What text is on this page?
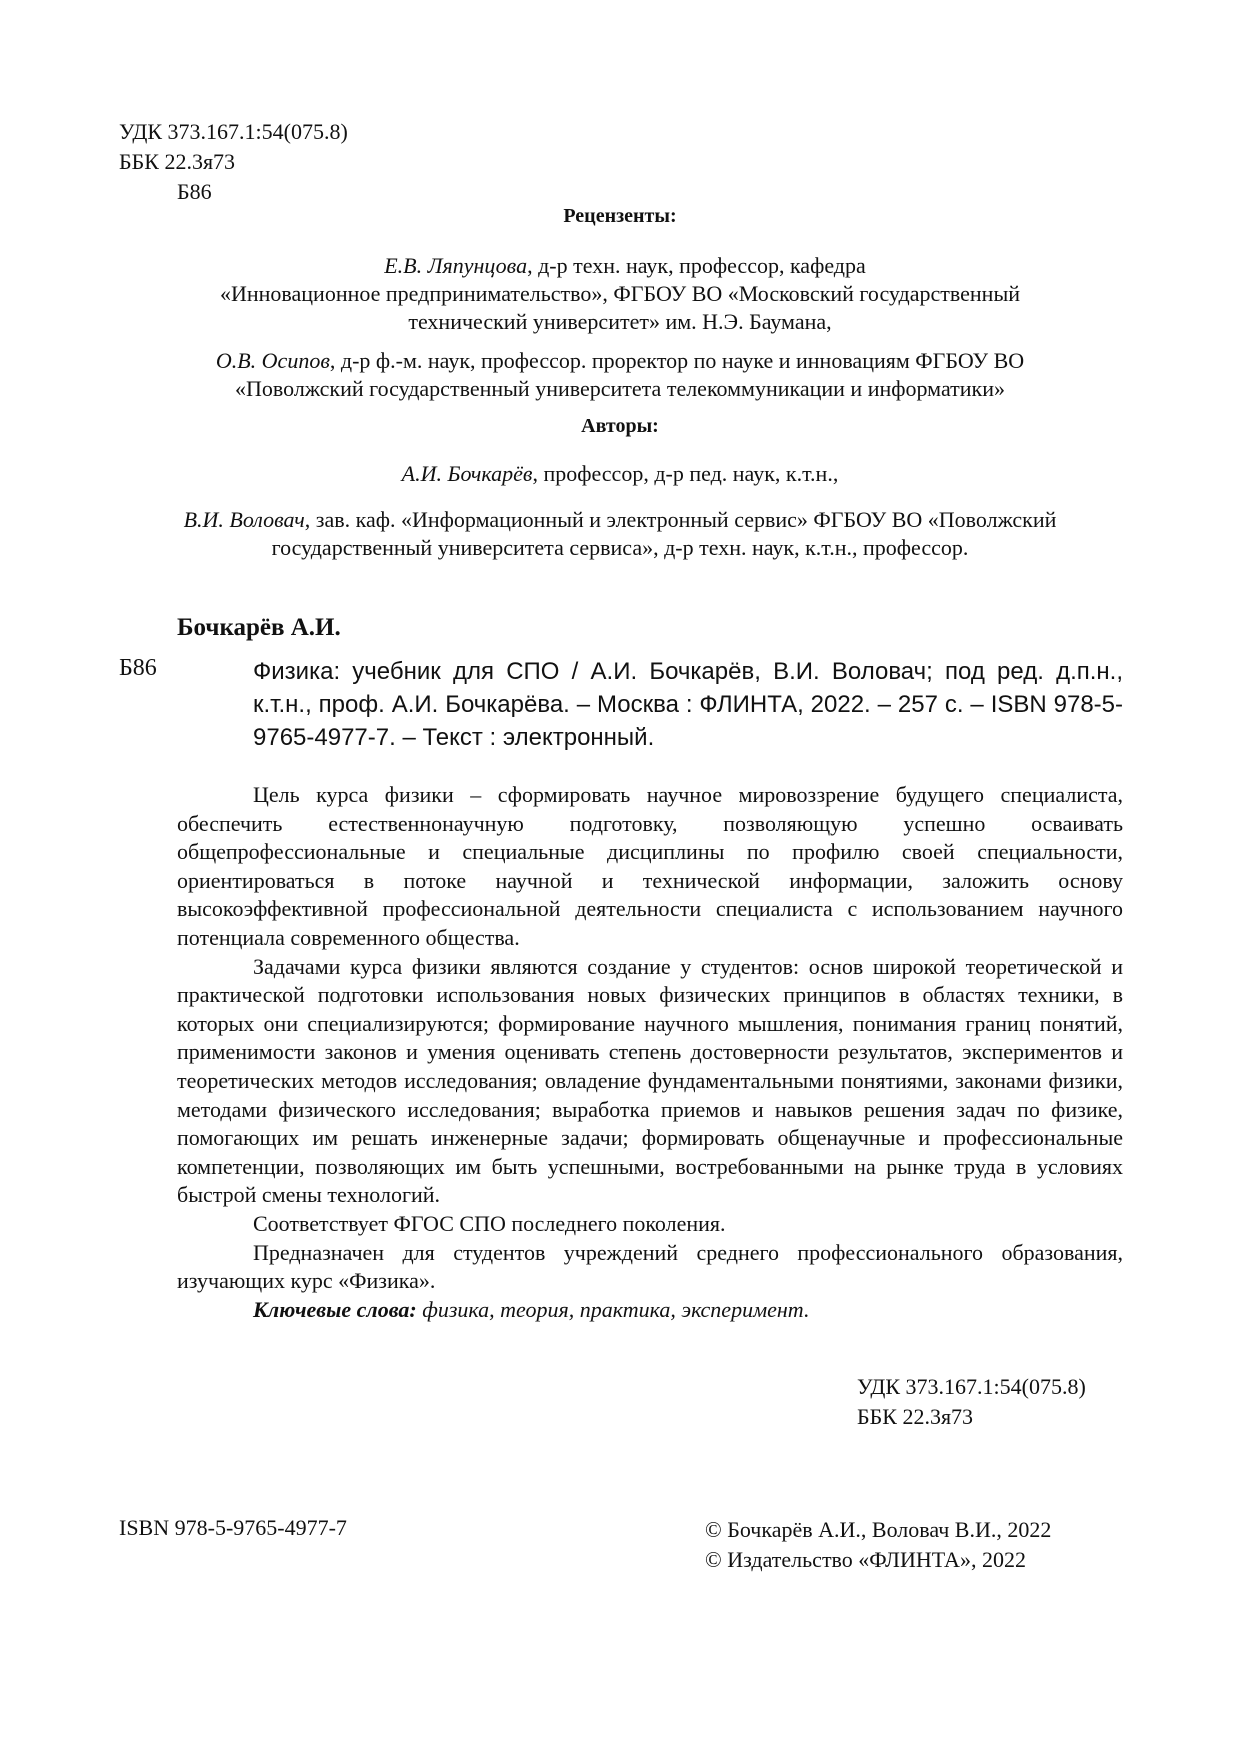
УДК 373.167.1:54(075.8)
ББК 22.3я73
Б86
Рецензенты:
Е.В. Ляпунцова, д-р техн. наук, профессор, кафедра
«Инновационное предпринимательство», ФГБОУ ВО «Московский государственный
технический университет» им. Н.Э. Баумана,
О.В. Осипов, д-р ф.-м. наук, профессор. проректор по науке и инновациям ФГБОУ ВО
«Поволжский государственный университета телекоммуникации и информатики»
Авторы:
А.И. Бочкарёв, профессор, д-р пед. наук, к.т.н.,
В.И. Воловач, зав. каф. «Информационный и электронный сервис» ФГБОУ ВО «Поволжский
государственный университета сервиса», д-р техн. наук, к.т.н., профессор.
Бочкарёв А.И.
Б86	Физика: учебник для СПО / А.И. Бочкарёв, В.И. Воловач; под ред. д.п.н., к.т.н., проф. А.И. Бочкарёва. – Москва : ФЛИНТА, 2022. – 257 с. – ISBN 978-5-9765-4977-7. – Текст : электронный.

Цель курса физики – сформировать научное мировоззрение будущего специалиста, обеспечить естественнонаучную подготовку, позволяющую успешно осваивать общепрофессиональные и специальные дисциплины по профилю своей специальности, ориентироваться в потоке научной и технической информации, заложить основу высокоэффективной профессиональной деятельности специалиста с использованием научного потенциала современного общества.

Задачами курса физики являются создание у студентов: основ широкой теоретической и практической подготовки использования новых физических принципов в областях техники, в которых они специализируются; формирование научного мышления, понимания границ понятий, применимости законов и умения оценивать степень достоверности результатов, экспериментов и теоретических методов исследования; овладение фундаментальными понятиями, законами физики, методами физического исследования; выработка приемов и навыков решения задач по физике, помогающих им решать инженерные задачи; формировать общенаучные и профессиональные компетенции, позволяющих им быть успешными, востребованными на рынке труда в условиях быстрой смены технологий.

Соответствует ФГОС СПО последнего поколения.

Предназначен для студентов учреждений среднего профессионального образования, изучающих курс «Физика».

Ключевые слова: физика, теория, практика, эксперимент.

УДК 373.167.1:54(075.8)
ББК 22.3я73
ISBN 978-5-9765-4977-7	© Бочкарёв А.И., Воловач В.И., 2022
© Издательство «ФЛИНТА», 2022
